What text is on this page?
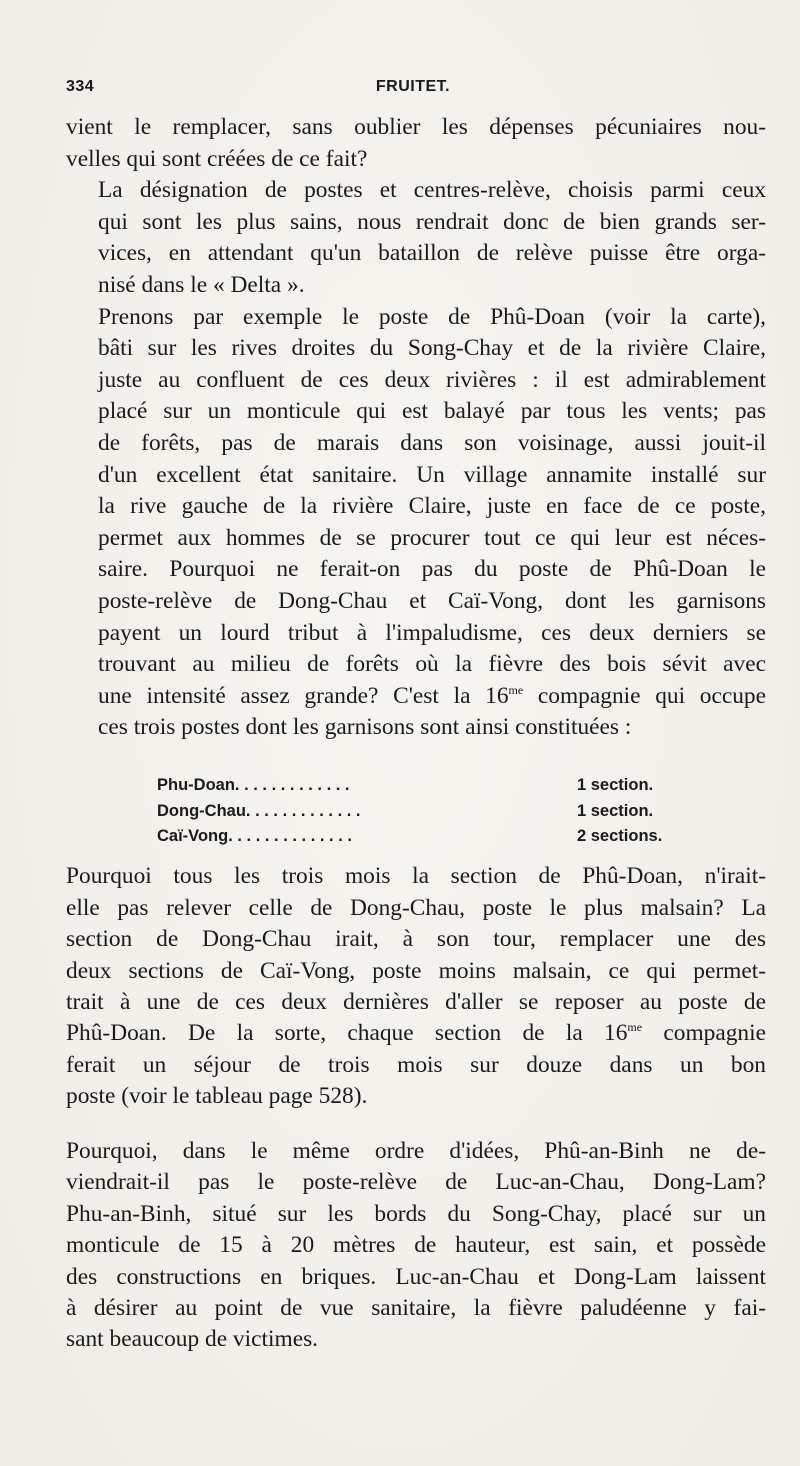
334	FRUITET.

vient le remplacer, sans oublier les dépenses pécuniaires nou-
velles qui sont créées de ce fait?

La désignation de postes et centres-relève, choisis parmi ceux
qui sont les plus sains, nous rendrait donc de bien grands ser-
vices, en attendant qu'un bataillon de relève puisse être orga-
nisé dans le « Delta ».

Prenons par exemple le poste de Phû-Doan (voir la carte),
bâti sur les rives droites du Song-Chay et de la rivière Claire,
juste au confluent de ces deux rivières : il est admirablement
placé sur un monticule qui est balayé par tous les vents; pas
de forêts, pas de marais dans son voisinage, aussi jouit-il
d'un excellent état sanitaire. Un village annamite installé sur
la rive gauche de la rivière Claire, juste en face de ce poste,
permet aux hommes de se procurer tout ce qui leur est néces-
saire. Pourquoi ne ferait-on pas du poste de Phû-Doan le
poste-relève de Dong-Chau et Caï-Vong, dont les garnisons
payent un lourd tribut à l'impaludisme, ces deux derniers se
trouvant au milieu de forêts où la fièvre des bois sévit avec
une intensité assez grande? C'est la $16^{me}$ compagnie qui occupe
ces trois postes dont les garnisons sont ainsi constituées :

Phu-Doan. . . . . . . . . . . . .	1 section.
Dong-Chau. . . . . . . . . . . . .	1 section.
Caï-Vong. . . . . . . . . . . . . .	2 sections.

Pourquoi tous les trois mois la section de Phû-Doan, n'irait-
elle pas relever celle de Dong-Chau, poste le plus malsain? La
section de Dong-Chau irait, à son tour, remplacer une des
deux sections de Caï-Vong, poste moins malsain, ce qui permet-
trait à une de ces deux dernières d'aller se reposer au poste de
Phû-Doan. De la sorte, chaque section de la $16^{me}$ compagnie
ferait un séjour de trois mois sur douze dans un bon
poste (voir le tableau page 528).

Pourquoi, dans le même ordre d'idées, Phû-an-Binh ne de-
viendrait-il pas le poste-relève de Luc-an-Chau, Dong-Lam?
Phu-an-Binh, situé sur les bords du Song-Chay, placé sur un
monticule de 15 à 20 mètres de hauteur, est sain, et possède
des constructions en briques. Luc-an-Chau et Dong-Lam laissent
à désirer au point de vue sanitaire, la fièvre paludéenne y fai-
sant beaucoup de victimes.
